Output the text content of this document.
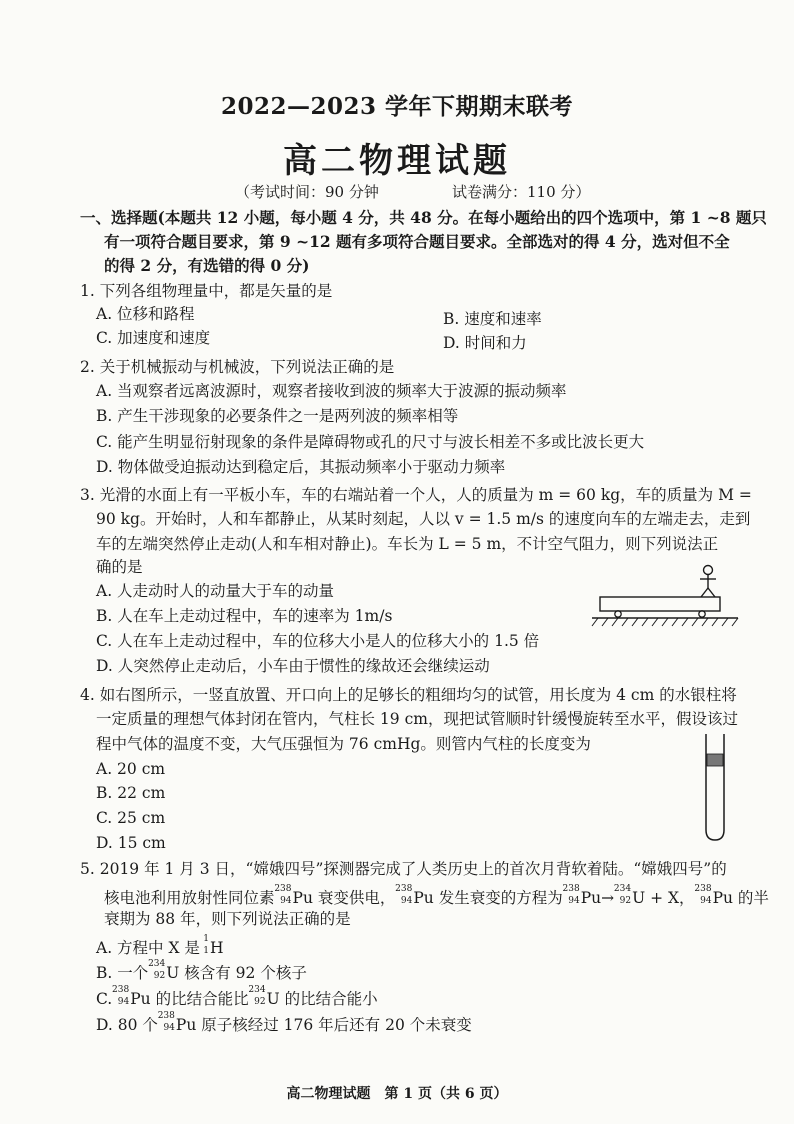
2022—2023 学年下期期末联考
高二物理试题
（考试时间：90 分钟	试卷满分：110 分）
一、选择题(本题共 12 小题，每小题 4 分，共 48 分。在每小题给出的四个选项中，第 1 ~8 题只
有一项符合题目要求，第 9 ~12 题有多项符合题目要求。全部选对的得 4 分，选对但不全
的得 2 分，有选错的得 0 分)
1. 下列各组物理量中，都是矢量的是
A. 位移和路程	B. 速度和速率
C. 加速度和速度	D. 时间和力
2. 关于机械振动与机械波，下列说法正确的是
A. 当观察者远离波源时，观察者接收到波的频率大于波源的振动频率
B. 产生干涉现象的必要条件之一是两列波的频率相等
C. 能产生明显衍射现象的条件是障碍物或孔的尺寸与波长相差不多或比波长更大
D. 物体做受迫振动达到稳定后，其振动频率小于驱动力频率
3. 光滑的水面上有一平板小车，车的右端站着一个人，人的质量为 m = 60 kg，车的质量为 M =
90 kg。开始时，人和车都静止，从某时刻起，人以 v = 1.5 m/s 的速度向车的左端走去，走到
车的左端突然停止走动(人和车相对静止)。车长为 L = 5 m，不计空气阻力，则下列说法正
确的是
A. 人走动时人的动量大于车的动量
B. 人在车上走动过程中，车的速率为 1m/s
C. 人在车上走动过程中，车的位移大小是人的位移大小的 1.5 倍
D. 人突然停止走动后，小车由于惯性的缘故还会继续运动
4. 如右图所示，一竖直放置、开口向上的足够长的粗细均匀的试管，用长度为 4 cm 的水银柱将
一定质量的理想气体封闭在管内，气柱长 19 cm，现把试管顺时针缓慢旋转至水平，假设该过
程中气体的温度不变，大气压强恒为 76 cmHg。则管内气柱的长度变为
A. 20 cm
B. 22 cm
C. 25 cm
D. 15 cm
5. 2019 年 1 月 3 日，“嫦娥四号”探测器完成了人类历史上的首次月背软着陆。“嫦娥四号”的
核电池利用放射性同位素 238
94 Pu 衰变供电， 238
94 Pu 发生衰变的方程为 238
94 Pu→ 234
92 U + X， 238
94 Pu 的半
衰期为 88 年，则下列说法正确的是
A. 方程中 X 是 1
1 H
B. 一个 234
92 U 核含有 92 个核子
C. 238
94 Pu 的比结合能比 234
92 U 的比结合能小
D. 80 个 238
94 Pu 原子核经过 176 年后还有 20 个未衰变
高二物理试题　第 1 页（共 6 页）
